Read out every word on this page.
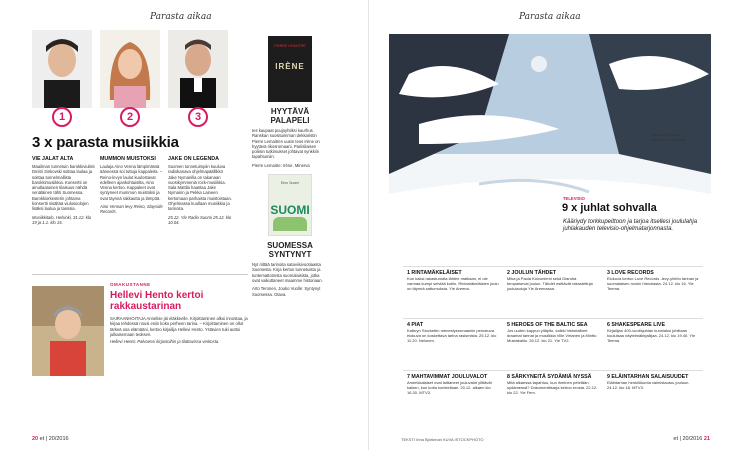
Parasta aikaa
1	2	3
3 x parasta musiikkia
VIE JALAT ALTA

Maailman tunnetuin barokkiviulisti Dmitri Sinkovski soittaa laulaa ja soittaa tunnelmallista barokkimusiikkia. Konsertti on ainutlaatuinen tilaisuus nähdä venäläinen tähti Suomessa. Barokkiorkesterin johtama konsertti sisältää viulusoolojen lisäksi laulua ja tanssia.

Musiikkitalo, Helsinki, 31.12. klo 19 ja 1.1. klo 15.

MUMMON MUISTOKSI

Laulaja Aino Venna lämpimässä ääneessä soi tuttuja kappaleita. – Reino-levyn laulut kuulostavat edelleen ajankohtaisilta, Aino Venna kertoo. Kappaleet ovat syntyneet mummon muistoksi ja ovat täynnä rakkautta ja lämpöä.

Aino Vennan levy Reino, Slayside Records.

JAKE ON LEGENDA

Suomen tunnetuimpiin kuuluva radiokanava ohjelmapäällikkö Jake Nymanilla on takanaan vuosikymmeniä rock-musiikkia. Sala Mattila haastaa Jake Nymanin ja Pekka Laineen kertomaan parhaista muistoistaan. Ohjelmassa kuullaan musiikkia ja tarinoita.

25.12. Yle Radio Suomi 25.12. klo 10.04.

PIERRE LEMAITRE
IRÈNE
HYYTÄVÄ PALAPELI

Ies kaupaat puujoyhtiksi kaurhus. Ranskan suosituimman dekkaristin Pierre Lemaitren uusin teos Irène on hyytävä rikosromaani. Pariisilaisen poliisin tutkimukset johtavat synkkiin tapahtumiin.

Pierre Lemaitre: Irène. Minerva

Eero Suomi
SUOMI
SUOMESSA SYNTYNYT

Nyt riittää tarinoita sataviisivuotiaasta Suomesta. Kirja kertoo tunnetuista ja tuntemattomista suomalaisista, jotka ovat vaikuttaneet maamme historiaan.

Arto Teronen, Jouko Vuolle: Syntynyt Suomessa. Otava.

OMAKUSTANNE
Hellevi Hento kertoi rakkaustarinan

SAIRAANHOITAJA Annelise jäi eläkkeelle. Kirjoittaminen alkoi innostaa, ja kirjaa tehdessä nousi esiin koko perheen tarina. – Kirjoittaminen on ollut tärkeä osa elämääni, kertoo kirjailija Hellevi Hento. Ystävien tuki auttoi julkaisemaan teoksen.

Hellevi Hento: Palvoessi kirjastoihin ja tilattavissa verkosta.

20 et | 20/2016
Parasta aikaa
Joulunpyhät ovat televisio kulta-aikaa.
TELEVISIO
9 x juhlat sohvalla
Kääriydy torkkupeittoon ja tarjoa itsellesi joululahja juhlakauden televisio-ohjelmatarjonnasta.
1 RINTAMÄKELÄISET

Kun kaksi rakastunutta lähtee matkaan, ei ole varmaa kumpi selviää kotiin. Rintamäkeläisten joulu on täynnä sattumuksia. Yle Areena.

2 JOULUN TÄHDET

Mika ja Paula Koivuniemi sekä Diandra tempaisevat joulun. Tähdet esittävät rakastettuja joululauluja Yle Areenassa.

3 LOVE RECORDS

Elokuva kertoo Love Records -levy-yhtiön tarinan ja suomalaisen rockin historiasta. 24.12. klo 16. Yle Teema.

4 PIAT

Kathryn Stockettin menestysromaaniin perustuva elokuva on koskettava tarina rasismista. 25.12. klo 11.20. Nelonen.

5 HEROES OF THE BALTIC SEA

Jos uuden kappun ylläpito, kaikki historialliset draamat tarinat ja musiikkia Ville Virtanen ja Minttu Mustakallio. 26.12. klo 21. Yle TV2.

6 SHAKESPEARE LIVE

Kirjailijan 400-vuotisjuhlan kunniaksi juhlitaan kuuluisaa näytelmäkirjailijaa. 24.12. klo 19.40. Yle Teema.

7 MAHTAVIMMAT JOULUVALOT

Amerikkalaiset ovat laittaneet jouluvalot ylittävät kaiken, kun kotia koristellaan. 20.12. alkaen klo 16.30. MTV3.

8 SÄRKYNEITÄ SYDÄMIÄ NYSSÄ

Mitä alkaessa tapahtuu, kun ihminen petetään sydämessä? Dokumenttisarja kertoo erosta. 22.12. klo 22. Yle Fem.

9 ELÄINTARHAN SALAISUUDET

Eläintarhan henkilökunta valmistautuu jouluun. 24.12. klo 18. MTV3.

TEKSTI Irina Björkman KUVA ISTOCKPHOTO	et | 20/2016 21
